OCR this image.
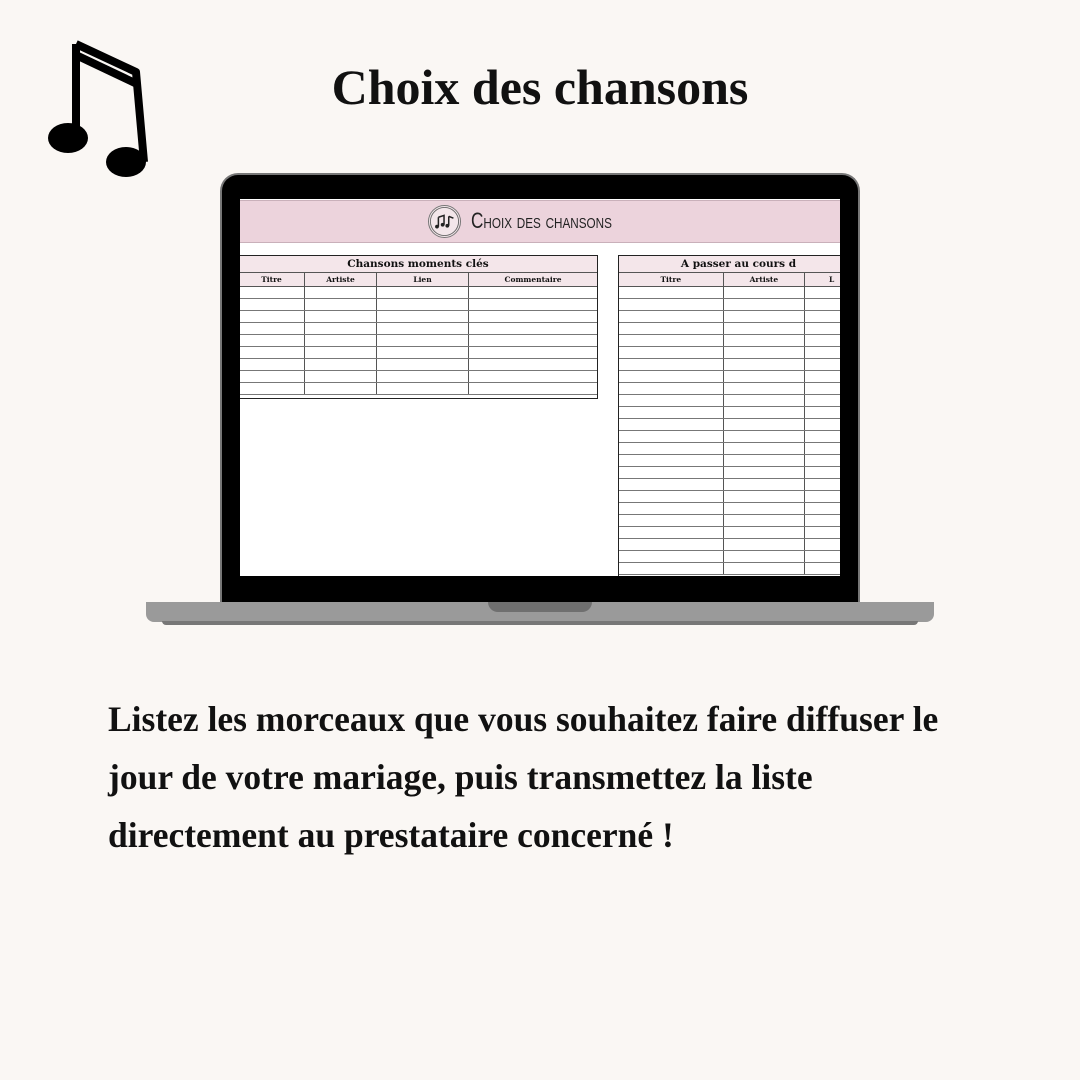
Choix des chansons
Choix des chansons
Chansons moments clés
Titre	Artiste	Lien	Commentaire
A passer au cours d
Titre	Artiste	L

Listez les morceaux que vous souhaitez faire diffuser le jour de votre mariage, puis transmettez la liste directement au prestataire concerné !
